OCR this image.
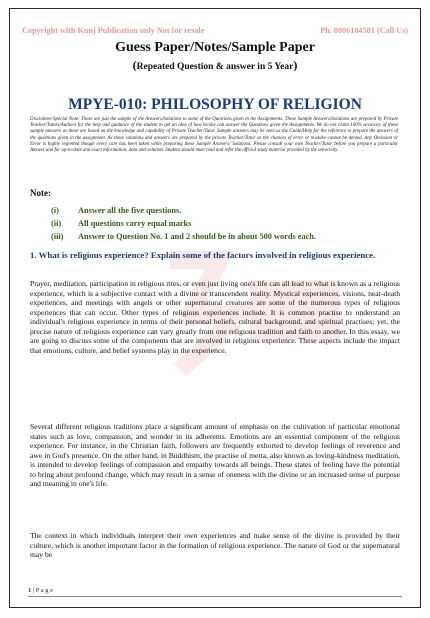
Copyright with Kunj Publication only Not for resale	Ph. 8006184581 (Call Us)
Guess Paper/Notes/Sample Paper
(Repeated Question & answer in 5 Year)
MPYE-010: PHILOSOPHY OF RELIGION
Disclaimer/Special Note: These are just the sample of the Answers/Solutions to some of the Questions given in the Assignments. These Sample Answers/Solutions are prepared by Private Teacher/Tutors/Authors for the help and guidance of the student to get an idea of how he/she can answer the Questions given the Assignments. We do not claim 100% accuracy of these sample answers as these are based on the knowledge and capability of Private Teacher/Tutor. Sample answers may be seen as the Guide/Help for the reference to prepare the answers of the questions given in the assignment. As these solutions and answers are prepared by the private Teacher/Tutor so the chances of error or mistake cannot be denied. Any Omission or Error is highly regretted though every care has been taken while preparing these Sample Answers/ Solutions. Please consult your own Teacher/Tutor before you prepare a particular Answer and for up-to-date and exact information, data and solution. Student should must read and refer the official study material provided by the university.
Note:
(i)	Answer all the five questions.
(ii)	All questions carry equal marks
(iii)	Answer to Question No. 1 and 2 should be in about 500 words each.
1. What is religious experience? Explain some of the factors involved in religious experience.
Prayer, meditation, participation in religious rites, or even just living one's life can all lead to what is known as a religious experience, which is a subjective contact with a divine or transcendent reality. Mystical experiences, visions, near-death experiences, and meetings with angels or other supernatural creatures are some of the numerous types of religious experiences that can occur. Other types of religious experiences include. It is common practise to understand an individual's religious experience in terms of their personal beliefs, cultural background, and spiritual practises; yet, the precise nature of religious experience can vary greatly from one religious tradition and faith to another. In this essay, we are going to discuss some of the components that are involved in religious experience. These aspects include the impact that emotions, culture, and belief systems play in the experience.
Several different religious traditions place a significant amount of emphasis on the cultivation of particular emotional states such as love, compassion, and wonder in its adherents. Emotions are an essential component of the religious experience. For instance, in the Christian faith, followers are frequently exhorted to develop feelings of reverence and awe in God's presence. On the other hand, in Buddhism, the practise of metta, also known as loving-kindness meditation, is intended to develop feelings of compassion and empathy towards all beings. These states of feeling have the potential to bring about profound change, which may result in a sense of oneness with the divine or an increased sense of purpose and meaning in one's life.
The context in which individuals interpret their own experiences and make sense of the divine is provided by their culture, which is another important factor in the formation of religious experience. The nature of God or the supernatural may be
1 | P a g e
